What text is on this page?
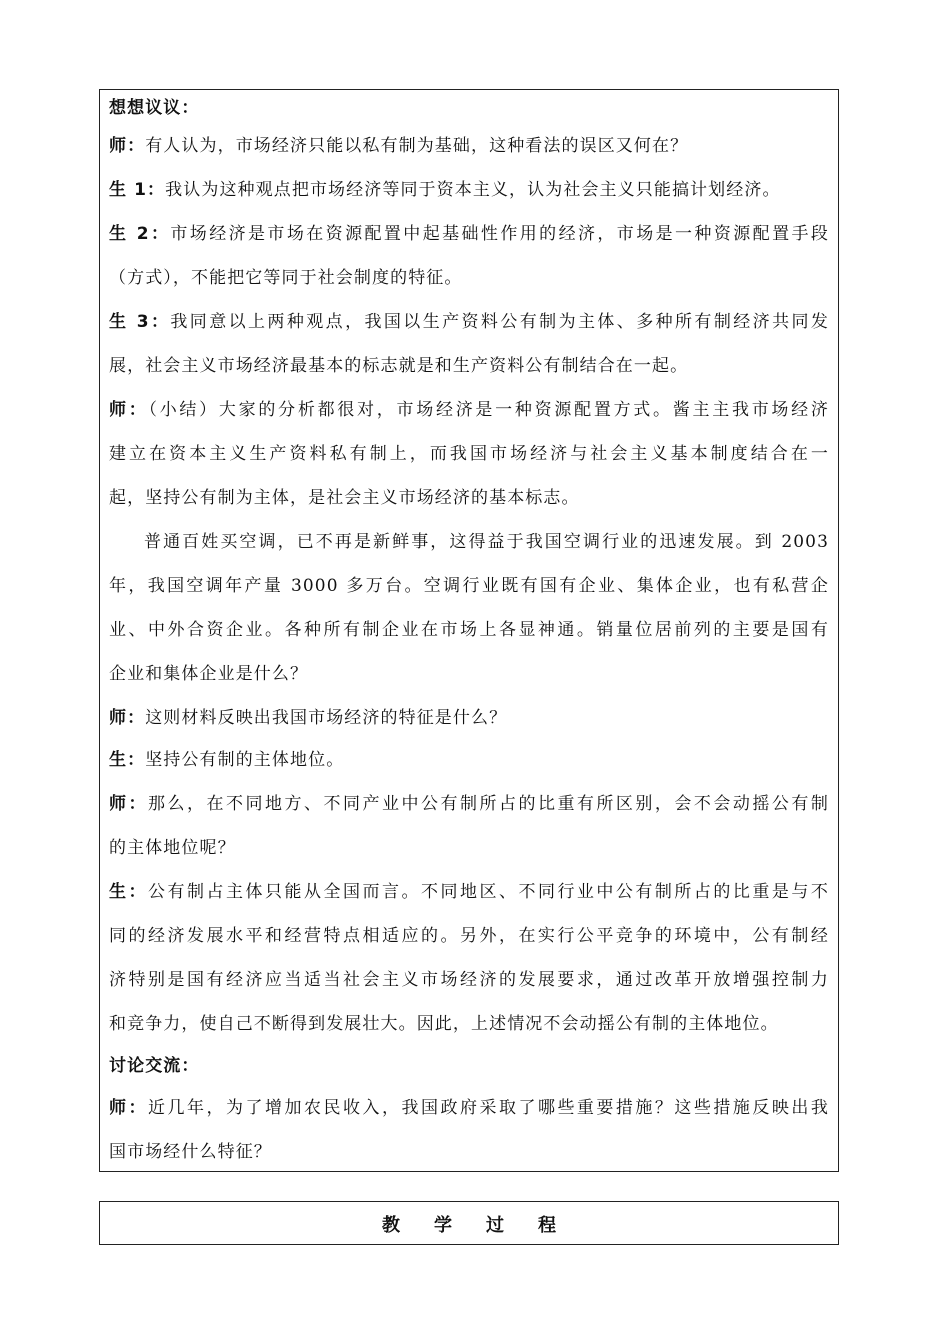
想想议议：
师：有人认为，市场经济只能以私有制为基础，这种看法的误区又何在？
生 1：我认为这种观点把市场经济等同于资本主义，认为社会主义只能搞计划经济。
生 2：市场经济是市场在资源配置中起基础性作用的经济，市场是一种资源配置手段
（方式），不能把它等同于社会制度的特征。
生 3：我同意以上两种观点，我国以生产资料公有制为主体、多种所有制经济共同发
展，社会主义市场经济最基本的标志就是和生产资料公有制结合在一起。
师：（小结）大家的分析都很对，市场经济是一种资源配置方式。酱主主我市场经济
建立在资本主义生产资料私有制上，而我国市场经济与社会主义基本制度结合在一
起，坚持公有制为主体，是社会主义市场经济的基本标志。
普通百姓买空调，已不再是新鲜事，这得益于我国空调行业的迅速发展。到 2003
年，我国空调年产量 3000 多万台。空调行业既有国有企业、集体企业，也有私营企
业、中外合资企业。各种所有制企业在市场上各显神通。销量位居前列的主要是国有
企业和集体企业是什么？
师：这则材料反映出我国市场经济的特征是什么？
生：坚持公有制的主体地位。
师：那么，在不同地方、不同产业中公有制所占的比重有所区别，会不会动摇公有制
的主体地位呢？
生：公有制占主体只能从全国而言。不同地区、不同行业中公有制所占的比重是与不
同的经济发展水平和经营特点相适应的。另外，在实行公平竞争的环境中，公有制经
济特别是国有经济应当适当社会主义市场经济的发展要求，通过改革开放增强控制力
和竞争力，使自己不断得到发展壮大。因此，上述情况不会动摇公有制的主体地位。
讨论交流：
师：近几年，为了增加农民收入，我国政府采取了哪些重要措施？这些措施反映出我
国市场经什么特征？
教学过程
